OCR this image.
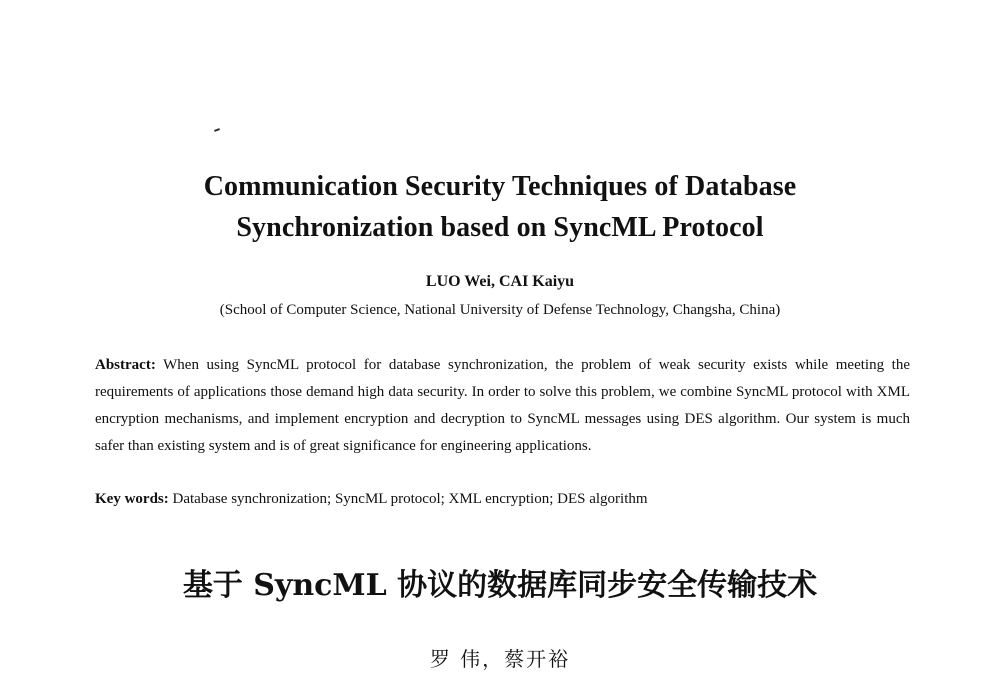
Communication Security Techniques of Database
Synchronization based on SyncML Protocol
LUO Wei, CAI Kaiyu
(School of Computer Science, National University of Defense Technology, Changsha, China)
Abstract: When using SyncML protocol for database synchronization, the problem of weak security exists while meeting the requirements of applications those demand high data security. In order to solve this problem, we combine SyncML protocol with XML encryption mechanisms, and implement encryption and decryption to SyncML messages using DES algorithm. Our system is much safer than existing system and is of great significance for engineering applications.
Key words: Database synchronization; SyncML protocol; XML encryption; DES algorithm
基于 SyncML 协议的数据库同步安全传输技术
罗 伟，蔡开裕
